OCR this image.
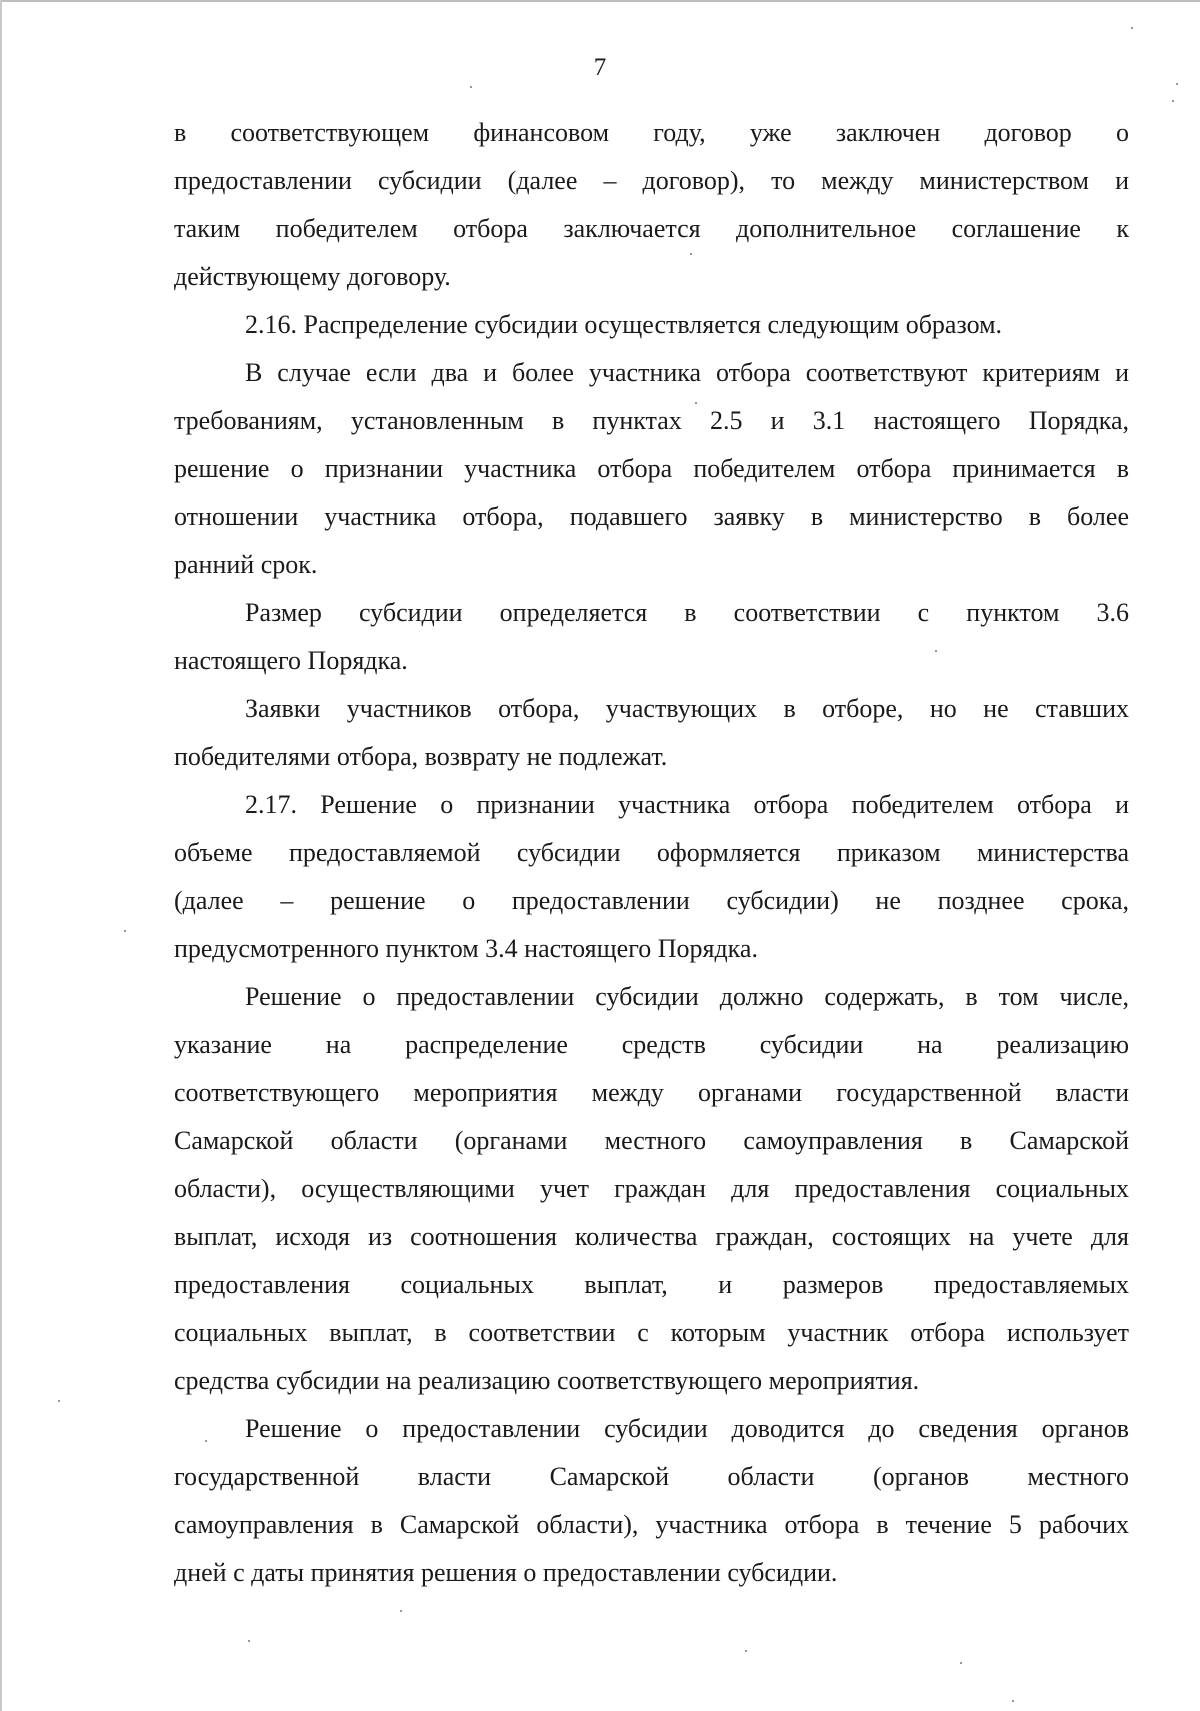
7
в соответствующем финансовом году, уже заключен договор о
предоставлении субсидии (далее – договор), то между министерством и
таким победителем отбора заключается дополнительное соглашение к
действующему договору.
2.16. Распределение субсидии осуществляется следующим образом.
В случае если два и более участника отбора соответствуют критериям и
требованиям, установленным в пунктах 2.5 и 3.1 настоящего Порядка,
решение о признании участника отбора победителем отбора принимается в
отношении участника отбора, подавшего заявку в министерство в более
ранний срок.
Размер субсидии определяется в соответствии с пунктом 3.6
настоящего Порядка.
Заявки участников отбора, участвующих в отборе, но не ставших
победителями отбора, возврату не подлежат.
2.17. Решение о признании участника отбора победителем отбора и
объеме предоставляемой субсидии оформляется приказом министерства
(далее – решение о предоставлении субсидии) не позднее срока,
предусмотренного пунктом 3.4 настоящего Порядка.
Решение о предоставлении субсидии должно содержать, в том числе,
указание на распределение средств субсидии на реализацию
соответствующего мероприятия между органами государственной власти
Самарской области (органами местного самоуправления в Самарской
области), осуществляющими учет граждан для предоставления социальных
выплат, исходя из соотношения количества граждан, состоящих на учете для
предоставления социальных выплат, и размеров предоставляемых
социальных выплат, в соответствии с которым участник отбора использует
средства субсидии на реализацию соответствующего мероприятия.
Решение о предоставлении субсидии доводится до сведения органов
государственной власти Самарской области (органов местного
самоуправления в Самарской области), участника отбора в течение 5 рабочих
дней с даты принятия решения о предоставлении субсидии.
